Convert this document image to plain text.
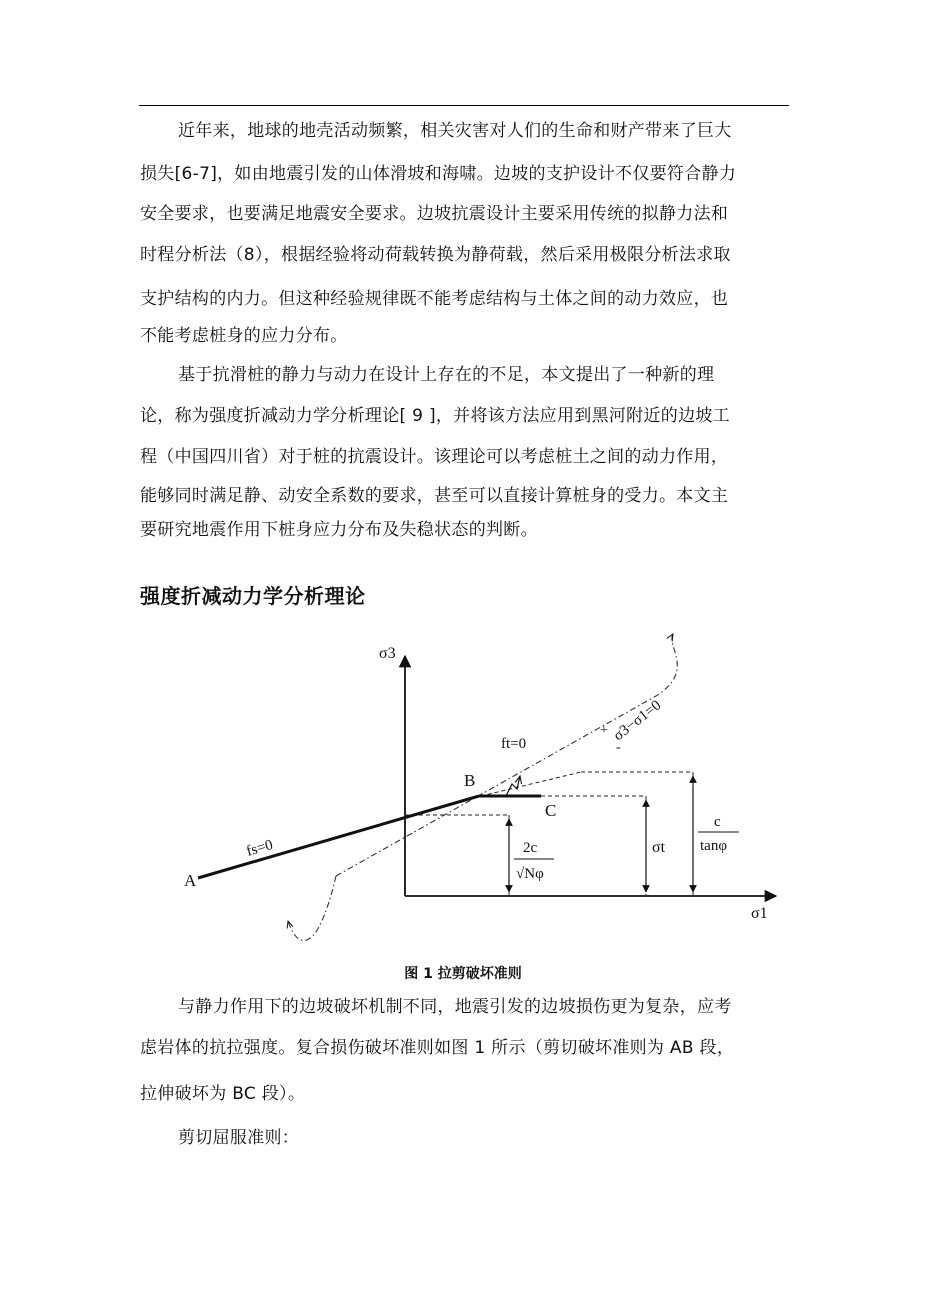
近年来，地球的地壳活动频繁，相关灾害对人们的生命和财产带来了巨大
损失[6-7]，如由地震引发的山体滑坡和海啸。边坡的支护设计不仅要符合静力
安全要求，也要满足地震安全要求。边坡抗震设计主要采用传统的拟静力法和
时程分析法（8），根据经验将动荷载转换为静荷载，然后采用极限分析法求取
支护结构的内力。但这种经验规律既不能考虑结构与土体之间的动力效应，也
不能考虑桩身的应力分布。
基于抗滑桩的静力与动力在设计上存在的不足，本文提出了一种新的理
论，称为强度折减动力学分析理论[ 9 ]，并将该方法应用到黑河附近的边坡工
程（中国四川省）对于桩的抗震设计。该理论可以考虑桩土之间的动力作用，
能够同时满足静、动安全系数的要求，甚至可以直接计算桩身的受力。本文主
要研究地震作用下桩身应力分布及失稳状态的判断。
强度折减动力学分析理论
σ3
σ1
A
B
C
fs=0
ft=0
σt
2c
√Nφ
c
tanφ
σ3−σ1=0
+
-
图 1 拉剪破坏准则
与静力作用下的边坡破坏机制不同，地震引发的边坡损伤更为复杂，应考
虑岩体的抗拉强度。复合损伤破坏准则如图 1 所示（剪切破坏准则为 AB 段，
拉伸破坏为 BC 段）。
剪切屈服准则：
